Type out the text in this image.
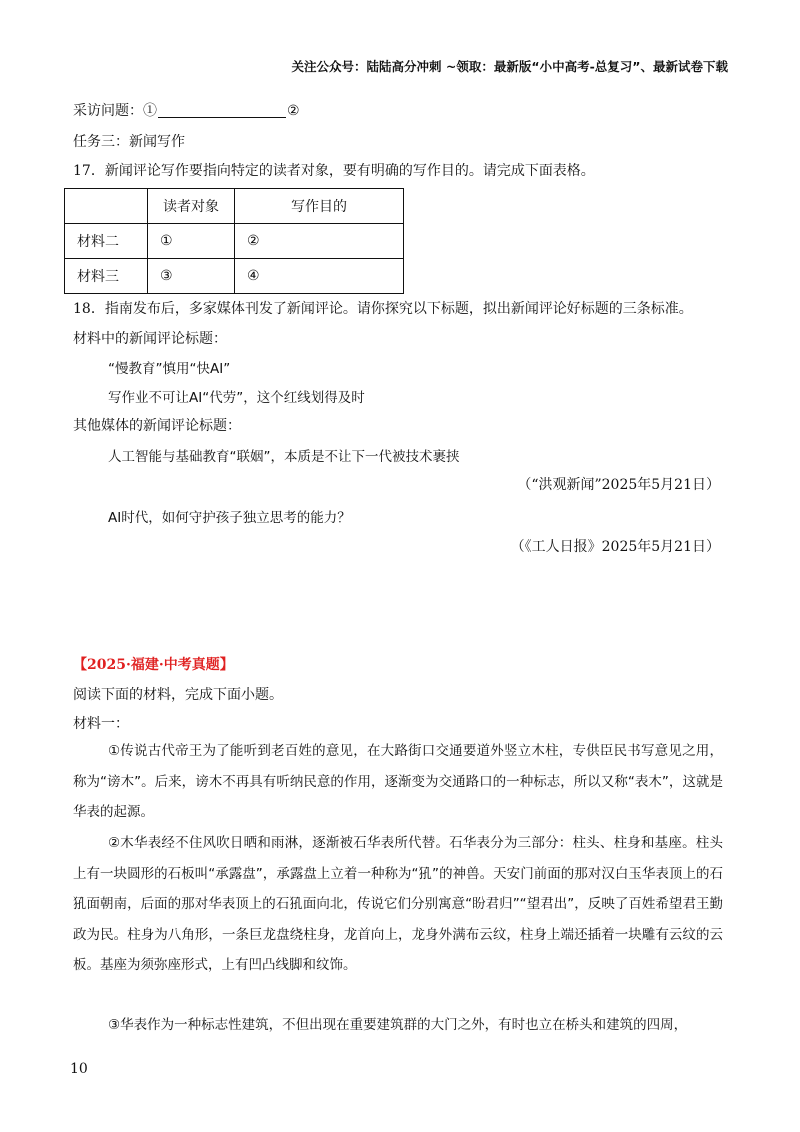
关注公众号：陆陆高分冲刺 ~领取：最新版“小中高考-总复习”、最新试卷下载
采访问题：①	②
任务三：新闻写作
17．新闻评论写作要指向特定的读者对象，要有明确的写作目的。请完成下面表格。
	读者对象	写作目的
材料二	①	②
材料三	③	④
18．指南发布后，多家媒体刊发了新闻评论。请你探究以下标题，拟出新闻评论好标题的三条标准。
材料中的新闻评论标题：
“慢教育”慎用“快AI”
写作业不可让AI“代劳”，这个红线划得及时
其他媒体的新闻评论标题：
人工智能与基础教育“联姻”，本质是不让下一代被技术裹挟
（“洪观新闻”2025年5月21日）
AI时代，如何守护孩子独立思考的能力？
（《工人日报》2025年5月21日）
【2025·福建·中考真题】
阅读下面的材料，完成下面小题。
材料一：
①传说古代帝王为了能听到老百姓的意见，在大路街口交通要道外竖立木柱，专供臣民书写意见之用，称为“谤木”。后来，谤木不再具有听纳民意的作用，逐渐变为交通路口的一种标志，所以又称“表木”，这就是华表的起源。
②木华表经不住风吹日晒和雨淋，逐渐被石华表所代替。石华表分为三部分：柱头、柱身和基座。柱头上有一块圆形的石板叫“承露盘”，承露盘上立着一种称为“犼”的神兽。天安门前面的那对汉白玉华表顶上的石犼面朝南，后面的那对华表顶上的石犼面向北，传说它们分别寓意“盼君归”“望君出”，反映了百姓希望君王勤政为民。柱身为八角形，一条巨龙盘绕柱身，龙首向上，龙身外满布云纹，柱身上端还插着一块雕有云纹的云板。基座为须弥座形式，上有凹凸线脚和纹饰。
③华表作为一种标志性建筑，不但出现在重要建筑群的大门之外，有时也立在桥头和建筑的四周，
10
